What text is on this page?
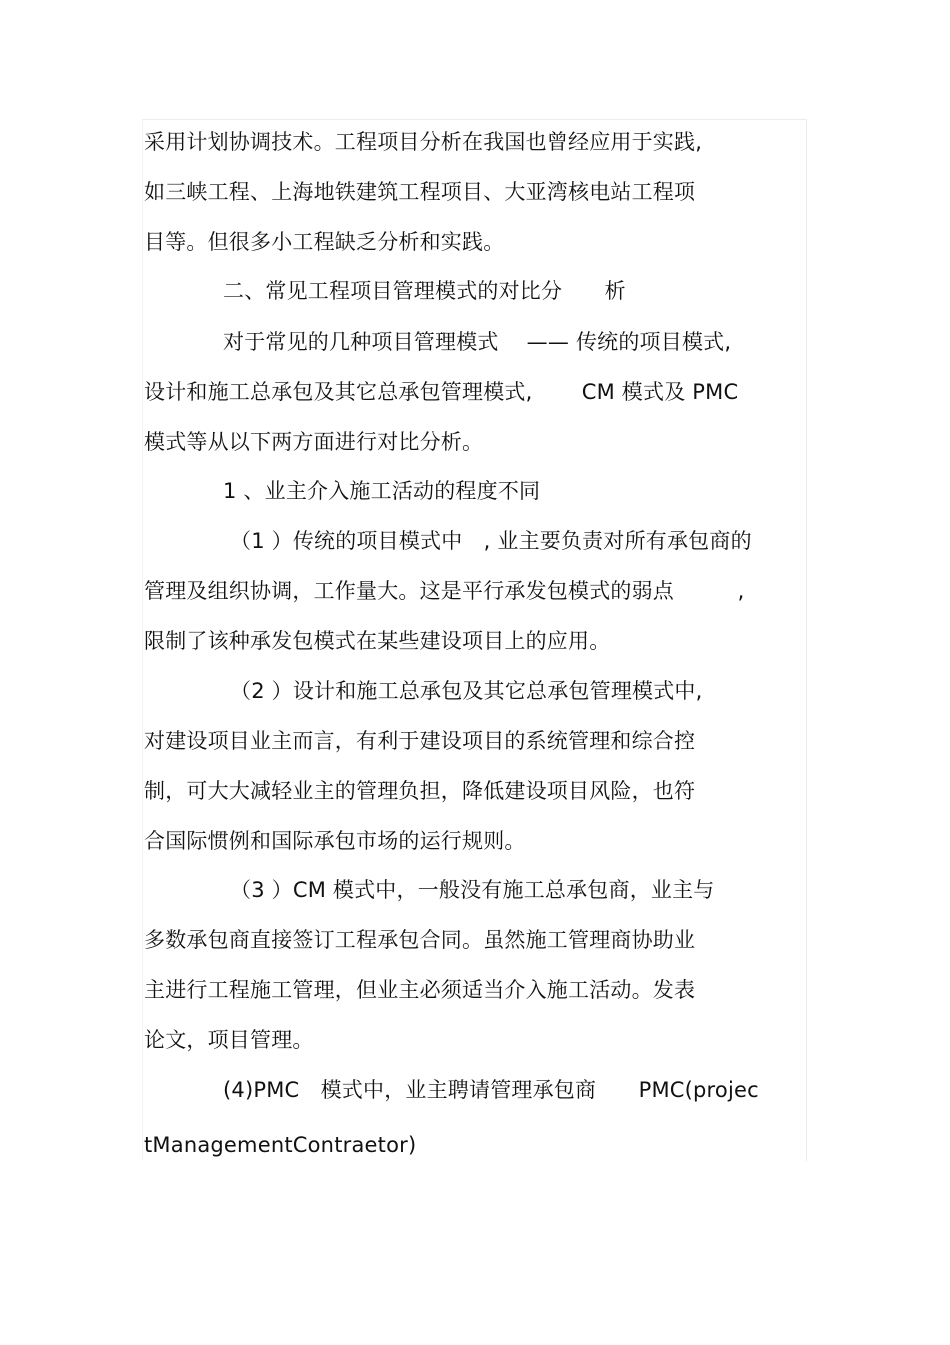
采用计划协调技术。工程项目分析在我国也曾经应用于实践,
如三峡工程、上海地铁建筑工程项目、大亚湾核电站工程项
目等。但很多小工程缺乏分析和实践。
二、常见工程项目管理模式的对比分　　析
对于常见的几种项目管理模式　 —— 传统的项目模式,
设计和施工总承包及其它总承包管理模式,　　 CM 模式及 PMC
模式等从以下两方面进行对比分析。
1 、业主介入施工活动的程度不同
（1 ）传统的项目模式中　, 业主要负责对所有承包商的
管理及组织协调，工作量大。这是平行承发包模式的弱点　　　,
限制了该种承发包模式在某些建设项目上的应用。
（2 ）设计和施工总承包及其它总承包管理模式中,
对建设项目业主而言，有利于建设项目的系统管理和综合控
制，可大大减轻业主的管理负担，降低建设项目风险，也符
合国际惯例和国际承包市场的运行规则。
（3 ）CM 模式中，一般没有施工总承包商，业主与
多数承包商直接签订工程承包合同。虽然施工管理商协助业
主进行工程施工管理，但业主必须适当介入施工活动。发表
论文，项目管理。
(4)PMC　模式中，业主聘请管理承包商　　PMC(projec
tManagementContraetor)
